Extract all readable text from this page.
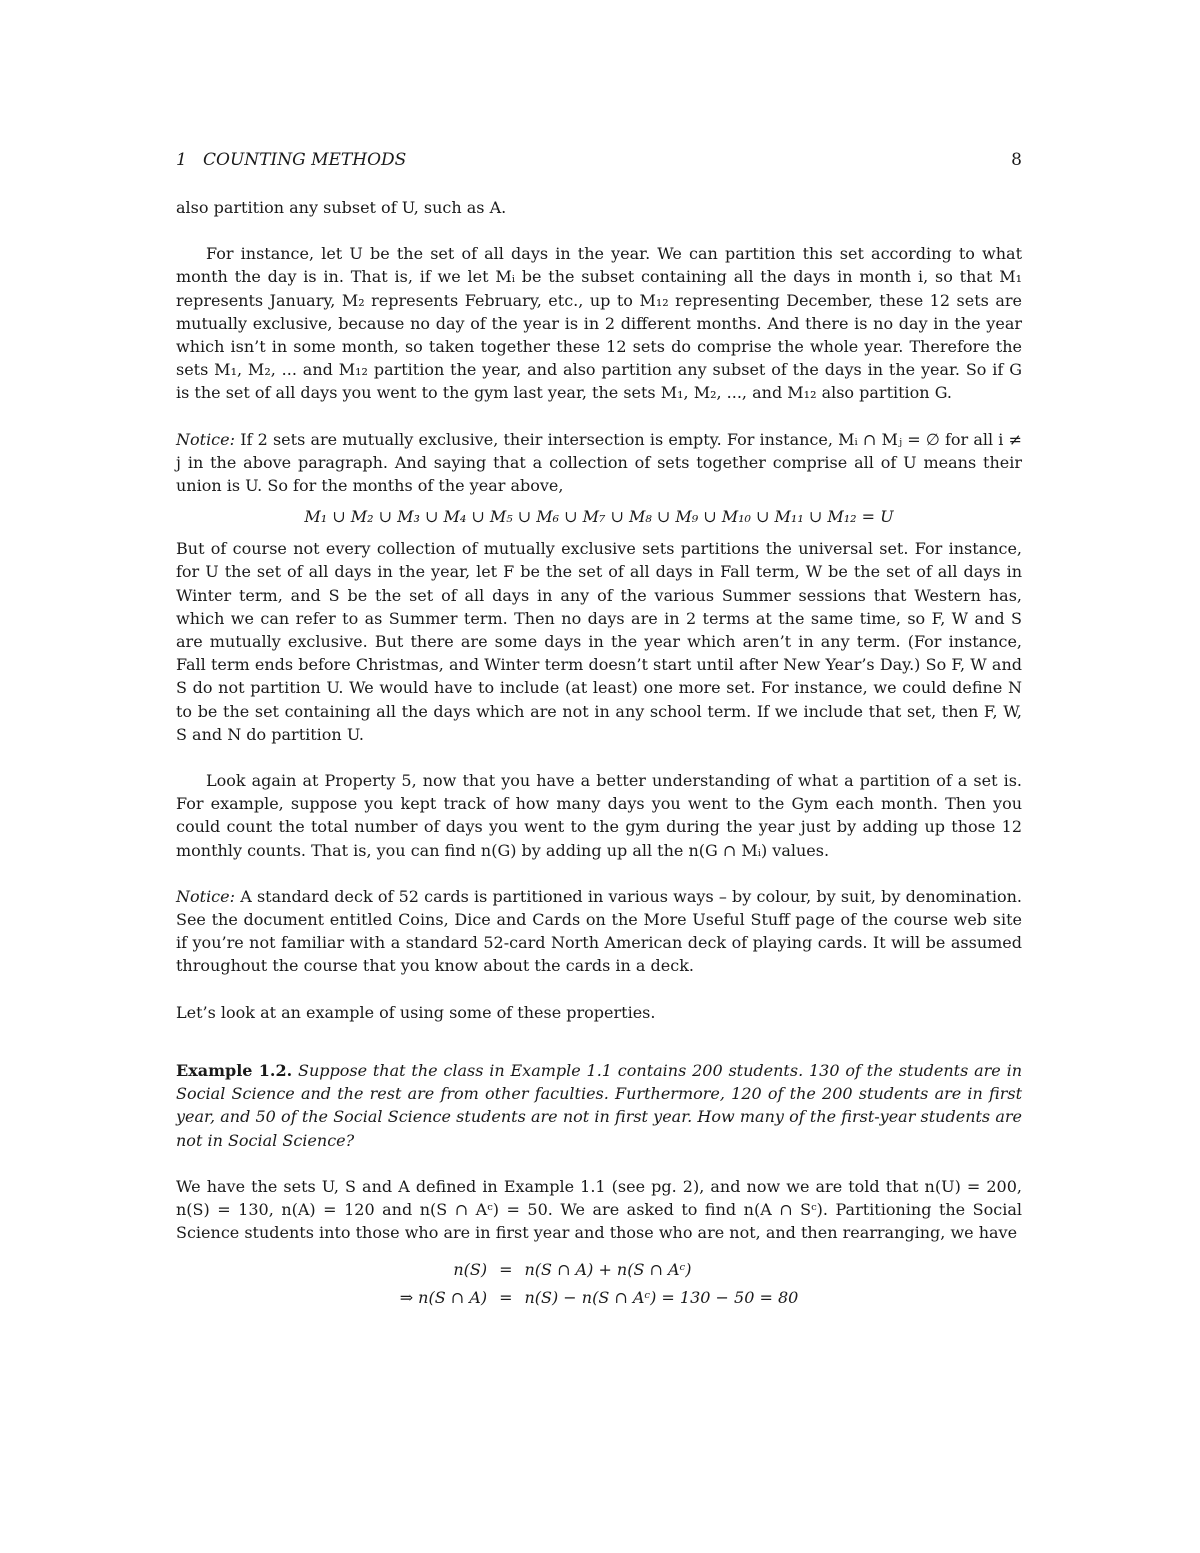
1   COUNTING METHODS	8

also partition any subset of U, such as A.

For instance, let U be the set of all days in the year. We can partition this set according to what month the day is in. That is, if we let Mᵢ be the subset containing all the days in month i, so that M₁ represents January, M₂ represents February, etc., up to M₁₂ representing December, these 12 sets are mutually exclusive, because no day of the year is in 2 different months. And there is no day in the year which isn’t in some month, so taken together these 12 sets do comprise the whole year. Therefore the sets M₁, M₂, ... and M₁₂ partition the year, and also partition any subset of the days in the year. So if G is the set of all days you went to the gym last year, the sets M₁, M₂, ..., and M₁₂ also partition G.

Notice: If 2 sets are mutually exclusive, their intersection is empty. For instance, Mᵢ ∩ Mⱼ = ∅ for all i ≠ j in the above paragraph. And saying that a collection of sets together comprise all of U means their union is U. So for the months of the year above,

M₁ ∪ M₂ ∪ M₃ ∪ M₄ ∪ M₅ ∪ M₆ ∪ M₇ ∪ M₈ ∪ M₉ ∪ M₁₀ ∪ M₁₁ ∪ M₁₂ = U

But of course not every collection of mutually exclusive sets partitions the universal set. For instance, for U the set of all days in the year, let F be the set of all days in Fall term, W be the set of all days in Winter term, and S be the set of all days in any of the various Summer sessions that Western has, which we can refer to as Summer term. Then no days are in 2 terms at the same time, so F, W and S are mutually exclusive. But there are some days in the year which aren’t in any term. (For instance, Fall term ends before Christmas, and Winter term doesn’t start until after New Year’s Day.) So F, W and S do not partition U. We would have to include (at least) one more set. For instance, we could define N to be the set containing all the days which are not in any school term. If we include that set, then F, W, S and N do partition U.

Look again at Property 5, now that you have a better understanding of what a partition of a set is. For example, suppose you kept track of how many days you went to the Gym each month. Then you could count the total number of days you went to the gym during the year just by adding up those 12 monthly counts. That is, you can find n(G) by adding up all the n(G ∩ Mᵢ) values.

Notice: A standard deck of 52 cards is partitioned in various ways – by colour, by suit, by denomination. See the document entitled Coins, Dice and Cards on the More Useful Stuff page of the course web site if you’re not familiar with a standard 52-card North American deck of playing cards. It will be assumed throughout the course that you know about the cards in a deck.

Let’s look at an example of using some of these properties.

Example 1.2. Suppose that the class in Example 1.1 contains 200 students. 130 of the students are in Social Science and the rest are from other faculties. Furthermore, 120 of the 200 students are in first year, and 50 of the Social Science students are not in first year. How many of the first-year students are not in Social Science?

We have the sets U, S and A defined in Example 1.1 (see pg. 2), and now we are told that n(U) = 200, n(S) = 130, n(A) = 120 and n(S ∩ Aᶜ) = 50. We are asked to find n(A ∩ Sᶜ). Partitioning the Social Science students into those who are in first year and those who are not, and then rearranging, we have

n(S)	=	n(S ∩ A) + n(S ∩ Aᶜ)
⇒ n(S ∩ A)	=	n(S) − n(S ∩ Aᶜ) = 130 − 50 = 80
